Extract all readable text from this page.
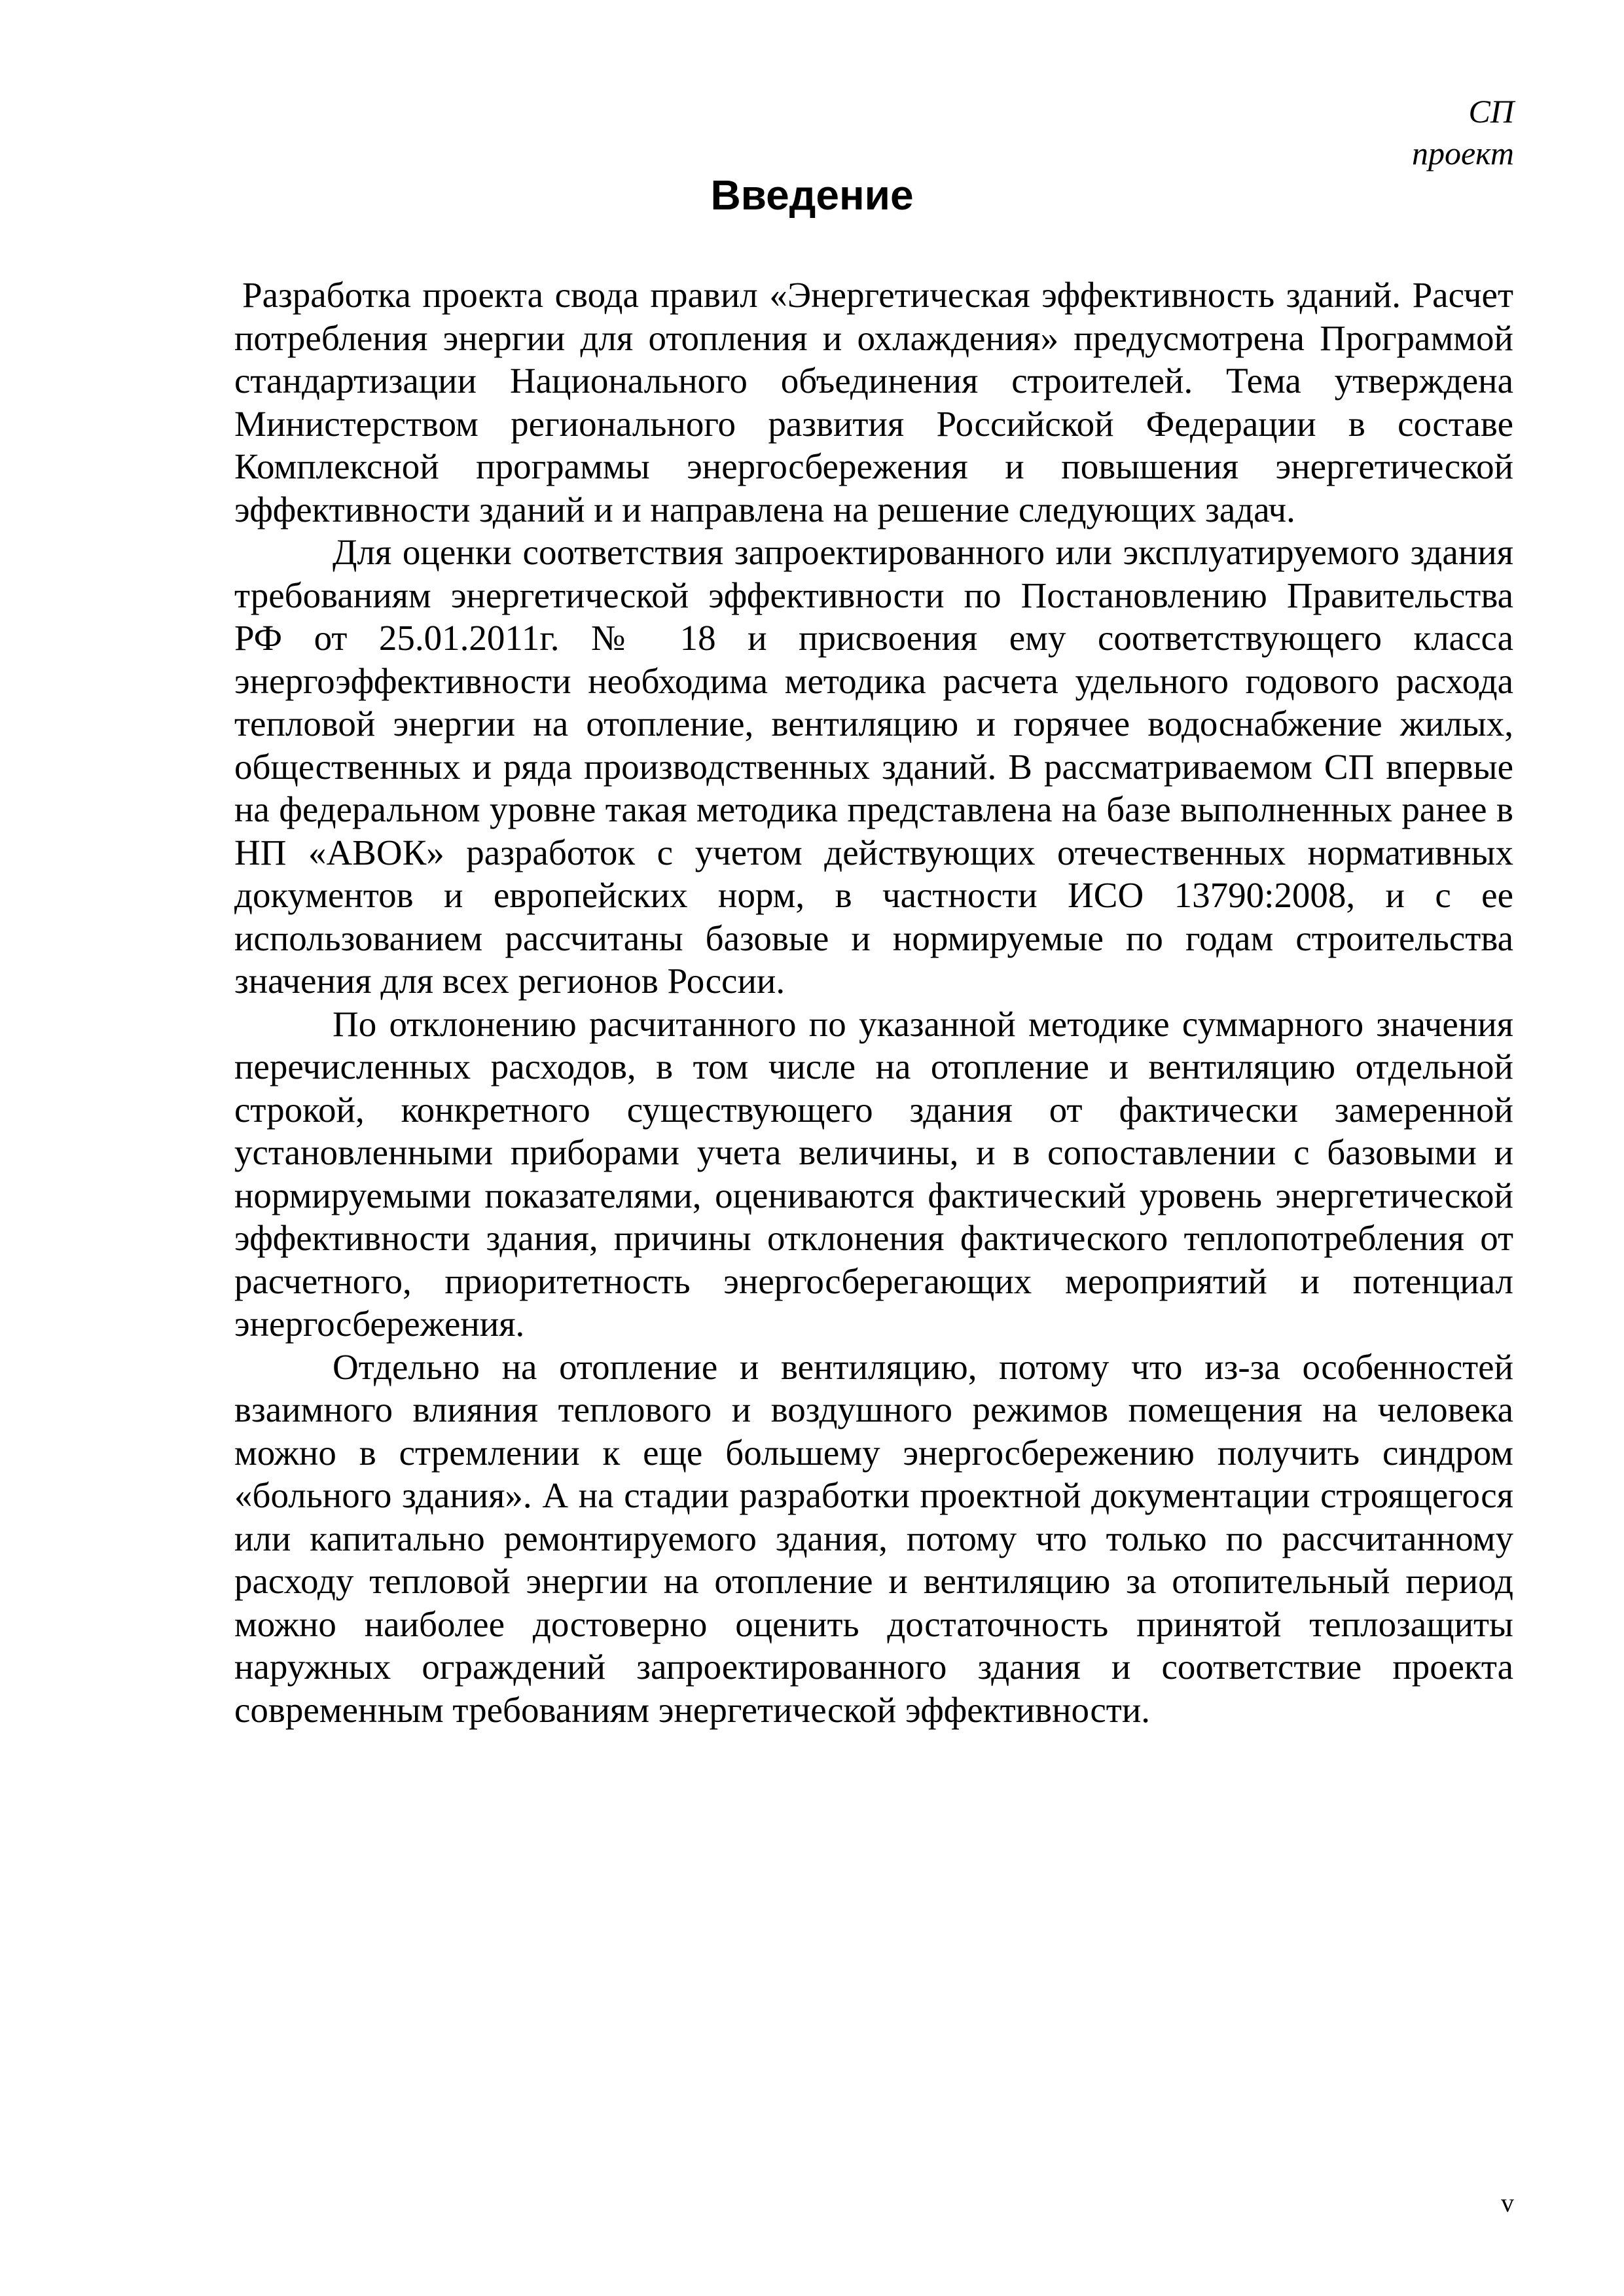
СП
проект
Введение

Разработка проекта свода правил «Энергетическая эффективность зданий. Расчет потребления энергии для отопления и охлаждения» предусмотрена Программой стандартизации Национального объединения строителей. Тема утверждена Министерством регионального развития Российской Федерации в составе Комплексной программы энергосбережения и повышения энергетической эффективности зданий и и направлена на решение следующих задач.

Для оценки соответствия запроектированного или эксплуатируемого здания требованиям энергетической эффективности по Постановлению Правительства РФ от 25.01.2011г. № 18 и присвоения ему соответствующего класса энергоэффективности необходима методика расчета удельного годового расхода тепловой энергии на отопление, вентиляцию и горячее водоснабжение жилых, общественных и ряда производственных зданий. В рассматриваемом СП впервые на федеральном уровне такая методика представлена на базе выполненных ранее в НП «АВОК» разработок с учетом действующих отечественных нормативных документов и европейских норм, в частности ИСО 13790:2008, и с ее использованием рассчитаны базовые и нормируемые по годам строительства значения для всех регионов России.

По отклонению расчитанного по указанной методике суммарного значения перечисленных расходов, в том числе на отопление и вентиляцию отдельной строкой, конкретного существующего здания от фактически замеренной установленными приборами учета величины, и в сопоставлении с базовыми и нормируемыми показателями, оцениваются фактический уровень энергетической эффективности здания, причины отклонения фактического теплопотребления от расчетного, приоритетность энергосберегающих мероприятий и потенциал энергосбережения.

Отдельно на отопление и вентиляцию, потому что из-за особенностей взаимного влияния теплового и воздушного режимов помещения на человека можно в стремлении к еще большему энергосбережению получить синдром «больного здания». А на стадии разработки проектной документации строящегося или капитально ремонтируемого здания, потому что только по рассчитанному расходу тепловой энергии на отопление и вентиляцию за отопительный период можно наиболее достоверно оценить достаточность принятой теплозащиты наружных ограждений запроектированного здания и соответствие проекта современным требованиям энергетической эффективности.

v
